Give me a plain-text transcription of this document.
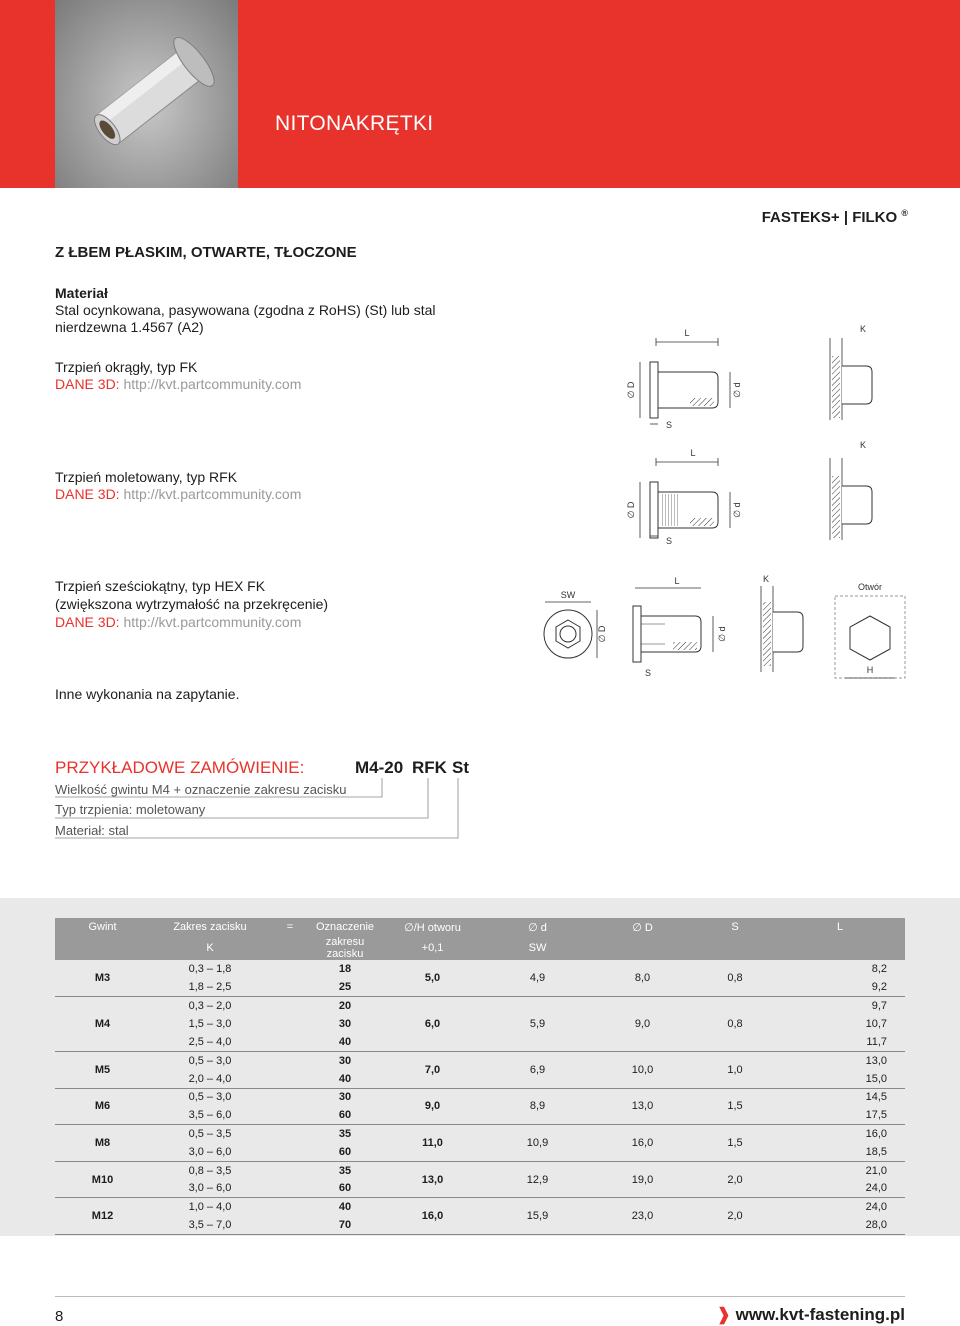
NITONAKRĘTKI
FASTEKS+ | FILKO ®
Z ŁBEM PŁASKIM, OTWARTE, TŁOCZONE
Materiał
Stal ocynkowana, pasywowana (zgodna z RoHS) (St) lub stal
nierdzewna 1.4567 (A2)
Trzpień okrągły, typ FK
DANE 3D: http://kvt.partcommunity.com
Trzpień moletowany, typ RFK
DANE 3D: http://kvt.partcommunity.com
Trzpień sześciokątny, typ HEX FK
(zwiększona wytrzymałość na przekręcenie)
DANE 3D: http://kvt.partcommunity.com
Inne wykonania na zapytanie.
L
∅ D	∅ d
S
K
L
∅ D	∅ d
S
K
SW
∅ D
L
∅ d
S
K
Otwór
H
PRZYKŁADOWE ZAMÓWIENIE:	M4-20 RFK St
Wielkość gwintu M4 + oznaczenie zakresu zacisku
Typ trzpienia: moletowany
Materiał: stal
Gwint	Zakres zacisku	=	Oznaczenie	∅/H otworu	∅ d	∅ D	S	L
	K		zakresu zacisku	+0,1	SW			
M3	0,3 – 1,8		18	5,0	4,9	8,0	0,8	8,2
	1,8 – 2,5		25					9,2
M4	0,3 – 2,0		20	6,0	5,9	9,0	0,8	9,7
	1,5 – 3,0		30					10,7
	2,5 – 4,0		40					11,7
M5	0,5 – 3,0		30	7,0	6,9	10,0	1,0	13,0
	2,0 – 4,0		40					15,0
M6	0,5 – 3,0		30	9,0	8,9	13,0	1,5	14,5
	3,5 – 6,0		60					17,5
M8	0,5 – 3,5		35	11,0	10,9	16,0	1,5	16,0
	3,0 – 6,0		60					18,5
M10	0,8 – 3,5		35	13,0	12,9	19,0	2,0	21,0
	3,0 – 6,0		60					24,0
M12	1,0 – 4,0		40	16,0	15,9	23,0	2,0	24,0
	3,5 – 7,0		70					28,0
8	❱ www.kvt-fastening.pl
